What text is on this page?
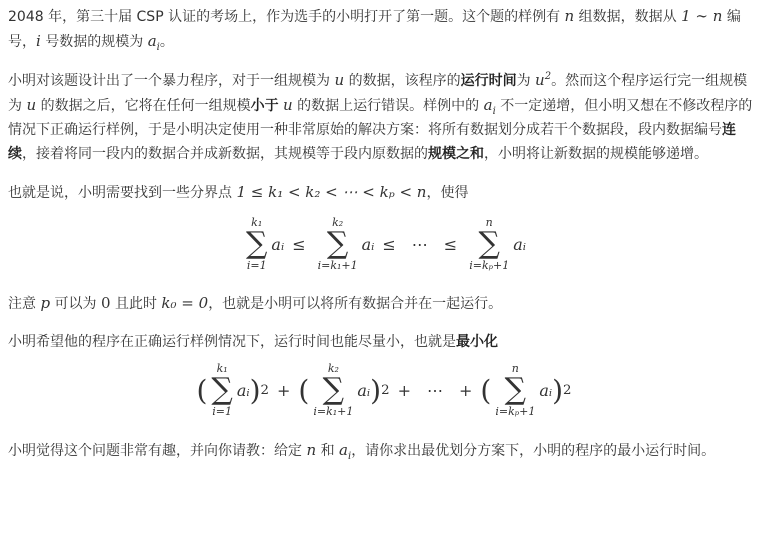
2048 年，第三十届 CSP 认证的考场上，作为选手的小明打开了第一题。这个题的样例有 n 组数据，数据从 1 ∼ n 编号，i 号数据的规模为 $a_i$。

小明对该题设计出了一个暴力程序，对于一组规模为 u 的数据，该程序的运行时间为 $u^2$。然而这个程序运行完一组规模为 u 的数据之后，它将在任何一组规模小于 u 的数据上运行错误。样例中的 $a_i$ 不一定递增，但小明又想在不修改程序的情况下正确运行样例，于是小明决定使用一种非常原始的解决方案：将所有数据划分成若干个数据段，段内数据编号连续，接着将同一段内的数据合并成新数据，其规模等于段内原数据的规模之和，小明将让新数据的规模能够递增。

也就是说，小明需要找到一些分界点 1 ≤ k₁ < k₂ < ⋯ < kₚ < n，使得

k₁
∑
i=1
aᵢ ≤
k₂
∑
i=k₁+1
aᵢ ≤ ⋯ ≤
n
∑
i=kₚ+1
aᵢ

注意 p 可以为 0 且此时 k₀ = 0，也就是小明可以将所有数据合并在一起运行。

小明希望他的程序在正确运行样例情况下，运行时间也能尽量小，也就是最小化

(
k₁
∑
i=1
aᵢ ) 2 + (
k₂
∑
i=k₁+1
aᵢ ) 2 + ⋯ + (
n
∑
i=kₚ+1
aᵢ ) 2

小明觉得这个问题非常有趣，并向你请教：给定 n 和 $a_i$，请你求出最优划分方案下，小明的程序的最小运行时间。
